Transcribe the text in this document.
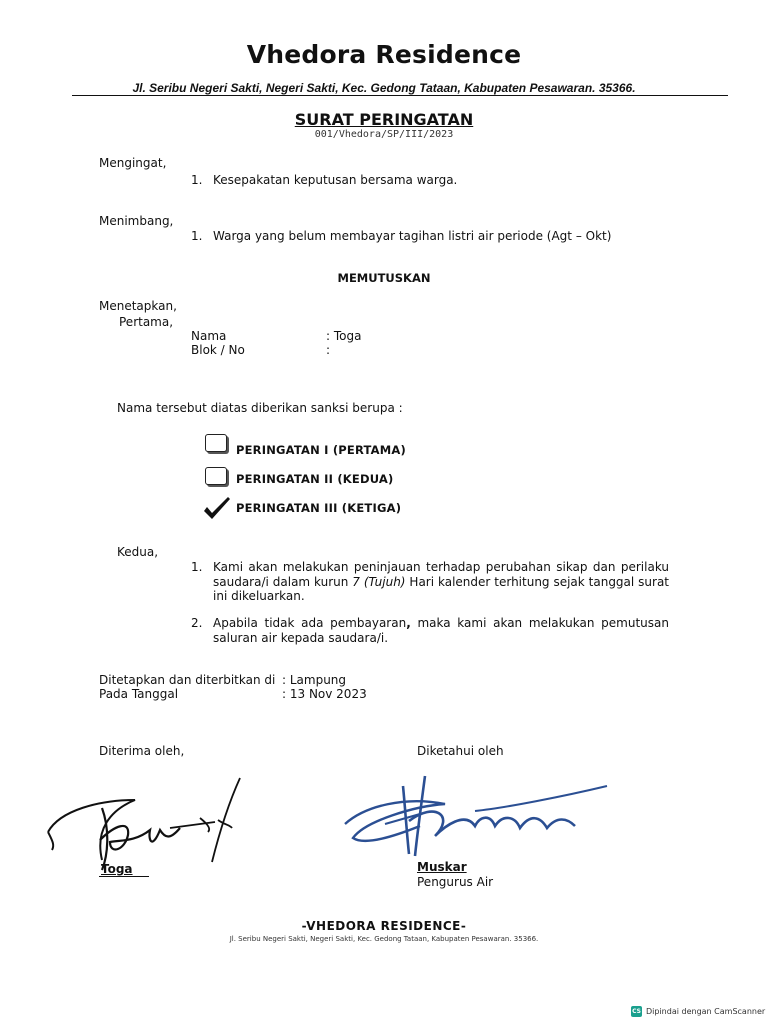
Vhedora Residence
Jl. Seribu Negeri Sakti, Negeri Sakti, Kec. Gedong Tataan, Kabupaten Pesawaran. 35366.
SURAT PERINGATAN
001/Vhedora/SP/III/2023
Mengingat,
1. Kesepakatan keputusan bersama warga.
Menimbang,
1. Warga yang belum membayar tagihan listri air periode (Agt – Okt)
MEMUTUSKAN
Menetapkan,
Pertama,
Nama	: Toga
Blok / No	:
Nama tersebut diatas diberikan sanksi berupa :
PERINGATAN I (PERTAMA)
PERINGATAN II (KEDUA)
PERINGATAN III (KETIGA)
Kedua,
1. Kami akan melakukan peninjauan terhadap perubahan sikap dan perilaku saudara/i dalam kurun 7 (Tujuh) Hari kalender terhitung sejak tanggal surat ini dikeluarkan.
2. Apabila tidak ada pembayaran, maka kami akan melakukan pemutusan saluran air kepada saudara/i.
Ditetapkan dan diterbitkan di : Lampung
Pada Tanggal	: 13 Nov 2023
Diterima oleh,	Diketahui oleh
Toga	Muskar
Pengurus Air
-VHEDORA RESIDENCE-
Jl. Seribu Negeri Sakti, Negeri Sakti, Kec. Gedong Tataan, Kabupaten Pesawaran. 35366.
CS Dipindai dengan CamScanner
